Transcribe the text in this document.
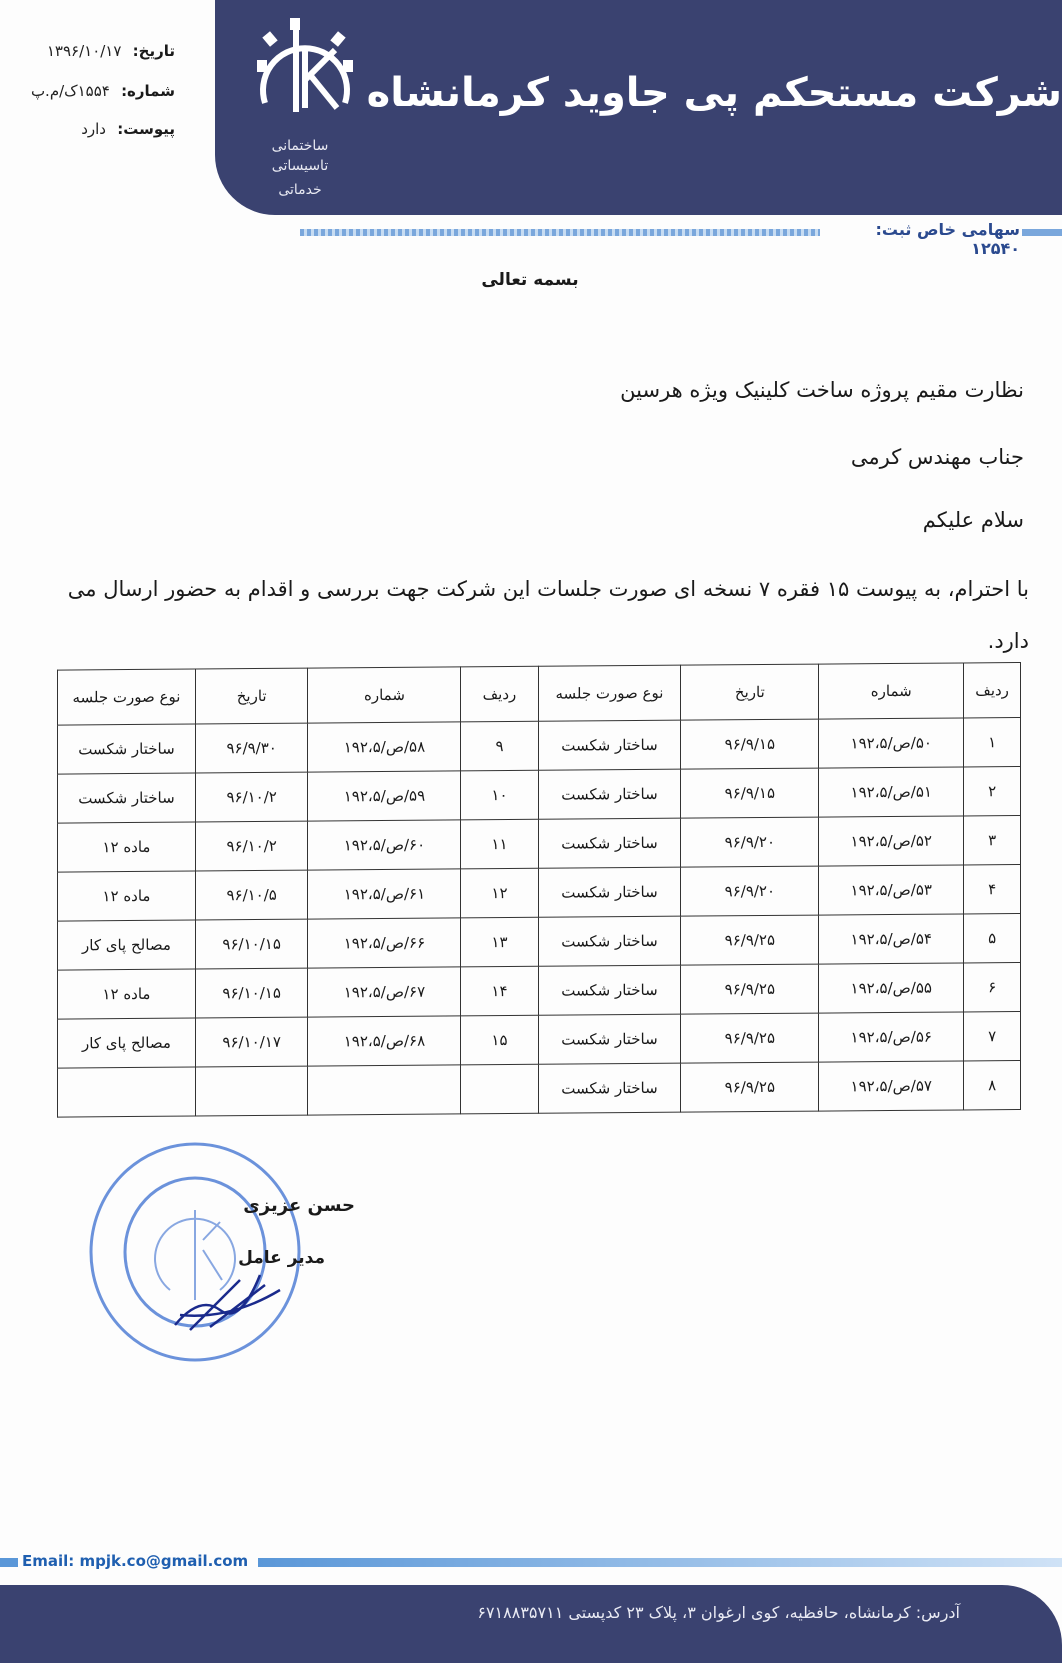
شرکت مستحکم پی جاوید کرمانشاه
ساختمانی
تاسیساتی
خدماتی
سهامی خاص ثبت: ۱۲۵۴۰
تاریخ: ۱۳۹۶/۱۰/۱۷
شماره: ۱۵۵۴ک/م.پ
پیوست: دارد
بسمه تعالی
نظارت مقیم پروژه ساخت کلینیک ویژه هرسین
جناب مهندس کرمی
سلام علیکم
با احترام، به پیوست ۱۵ فقره ۷ نسخه ای صورت جلسات این شرکت جهت بررسی و اقدام به حضور ارسال می دارد.
ردیف	شماره	تاریخ	نوع صورت جلسه	ردیف	شماره	تاریخ	نوع صورت جلسه
۱	۵۰/ص/۱۹۲،۵	۹۶/۹/۱۵	ساختار شکست	۹	۵۸/ص/۱۹۲،۵	۹۶/۹/۳۰	ساختار شکست
۲	۵۱/ص/۱۹۲،۵	۹۶/۹/۱۵	ساختار شکست	۱۰	۵۹/ص/۱۹۲،۵	۹۶/۱۰/۲	ساختار شکست
۳	۵۲/ص/۱۹۲،۵	۹۶/۹/۲۰	ساختار شکست	۱۱	۶۰/ص/۱۹۲،۵	۹۶/۱۰/۲	ماده ۱۲
۴	۵۳/ص/۱۹۲،۵	۹۶/۹/۲۰	ساختار شکست	۱۲	۶۱/ص/۱۹۲،۵	۹۶/۱۰/۵	ماده ۱۲
۵	۵۴/ص/۱۹۲،۵	۹۶/۹/۲۵	ساختار شکست	۱۳	۶۶/ص/۱۹۲،۵	۹۶/۱۰/۱۵	مصالح پای کار
۶	۵۵/ص/۱۹۲،۵	۹۶/۹/۲۵	ساختار شکست	۱۴	۶۷/ص/۱۹۲،۵	۹۶/۱۰/۱۵	ماده ۱۲
۷	۵۶/ص/۱۹۲،۵	۹۶/۹/۲۵	ساختار شکست	۱۵	۶۸/ص/۱۹۲،۵	۹۶/۱۰/۱۷	مصالح پای کار
۸	۵۷/ص/۱۹۲،۵	۹۶/۹/۲۵	ساختار شکست				
حسن عزیزی
مدیر عامل
Email: mpjk.co@gmail.com
آدرس: کرمانشاه، حافظیه، کوی ارغوان ۳، پلاک ۲۳ کدپستی ۶۷۱۸۸۳۵۷۱۱
